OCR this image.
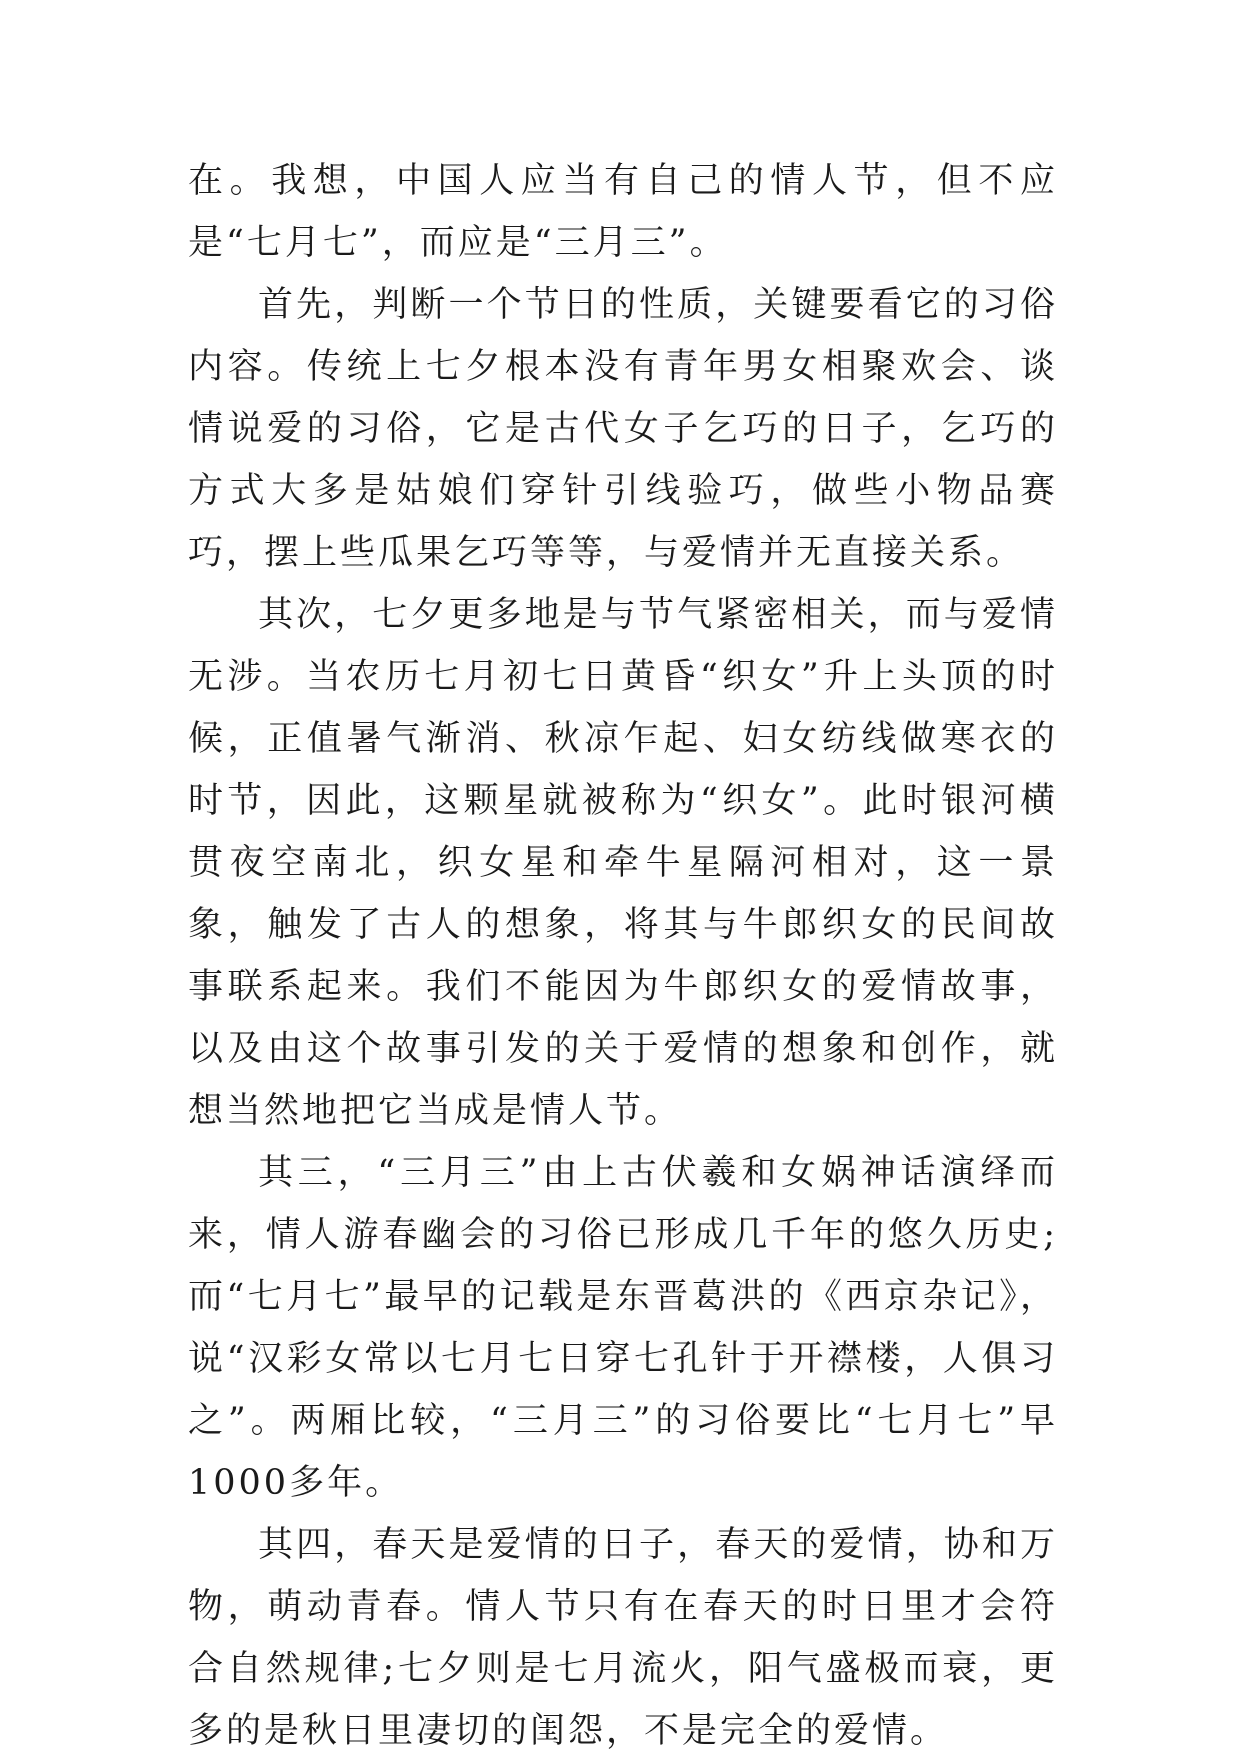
在。我想，中国人应当有自己的情人节，但不应是“七月七”，而应是“三月三”。

首先，判断一个节日的性质，关键要看它的习俗内容。传统上七夕根本没有青年男女相聚欢会、谈情说爱的习俗，它是古代女子乞巧的日子，乞巧的方式大多是姑娘们穿针引线验巧，做些小物品赛巧，摆上些瓜果乞巧等等，与爱情并无直接关系。

其次，七夕更多地是与节气紧密相关，而与爱情无涉。当农历七月初七日黄昏“织女”升上头顶的时候，正值暑气渐消、秋凉乍起、妇女纺线做寒衣的时节，因此，这颗星就被称为“织女”。此时银河横贯夜空南北，织女星和牵牛星隔河相对，这一景象，触发了古人的想象，将其与牛郎织女的民间故事联系起来。我们不能因为牛郎织女的爱情故事，以及由这个故事引发的关于爱情的想象和创作，就想当然地把它当成是情人节。

其三，“三月三”由上古伏羲和女娲神话演绎而来，情人游春幽会的习俗已形成几千年的悠久历史;而“七月七”最早的记载是东晋葛洪的《西京杂记》，说“汉彩女常以七月七日穿七孔针于开襟楼，人俱习之”。两厢比较，“三月三”的习俗要比“七月七”早1000多年。

其四，春天是爱情的日子，春天的爱情，协和万物，萌动青春。情人节只有在春天的时日里才会符合自然规律;七夕则是七月流火，阳气盛极而衰，更多的是秋日里凄切的闺怨，不是完全的爱情。
